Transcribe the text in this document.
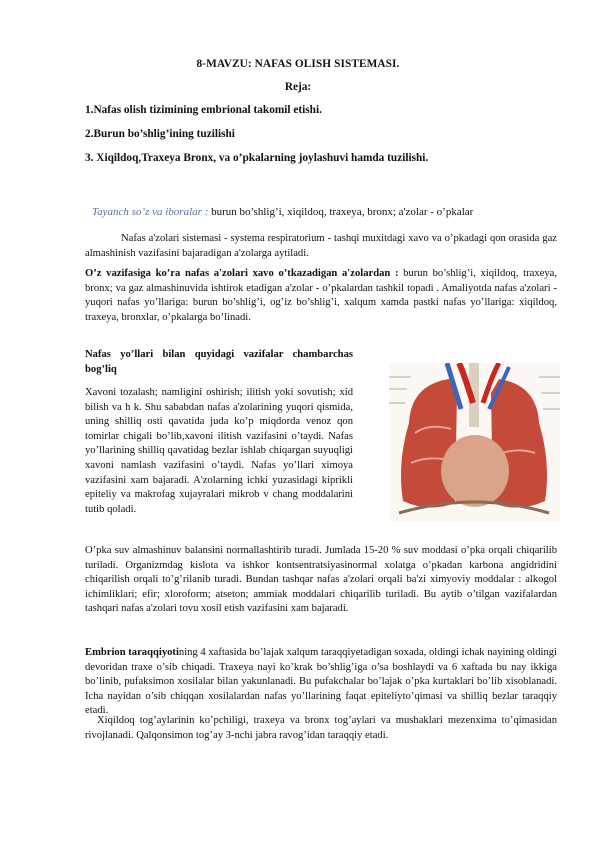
8-MAVZU: NAFAS OLISH SISTEMASI.
Reja:
1.Nafas olish tizimining embrional takomil etishi.
2.Burun bo’shlig’ining tuzilishi
3. Xiqildoq,Traxeya Bronx, va o’pkalarning joylashuvi hamda tuzilishi.
Tayanch so’z va iboralar : burun bo’shlig’i, xiqildoq, traxeya, bronx; a'zolar - o’pkalar

Nafas a'zolari sistemasi - systema respiratorium - tashqi muxitdagi xavo va o’pkadagi qon orasida gaz almashinish vazifasini bajaradigan a'zolarga aytiladi.

O’z vazifasiga ko’ra nafas a'zolari xavo o’tkazadigan a'zolardan : burun bo’shlig’i, xiqildoq, traxeya, bronx; va gaz almashinuvida ishtirok etadigan a'zolar - o’pkalardan tashkil topadi . Amaliyotda nafas a'zolari - yuqori nafas yo’llariga: burun bo’shlig’i, og’iz bo’shlig’i, xalqum xamda pastki nafas yo’llariga: xiqildoq, traxeya, bronxlar, o’pkalarga bo’linadi.

Nafas yo’llari bilan quyidagi vazifalar chambarchas bog’liq

Xavoni tozalash; namligini oshirish; ilitish yoki sovutish; xid bilish va h k. Shu sababdan nafas a'zolarining yuqori qismida, uning shilliq osti qavatida juda ko’p miqdorda venoz qon tomirlar chigali bo’lib,xavoni ilitish vazifasini o’taydi. Nafas yo’llarining shilliq qavatidag bezlar ishlab chiqargan suyuqligi xavoni namlash vazifasini o’taydi. Nafas yo’llari ximoya vazifasini xam bajaradi. A'zolarning ichki yuzasidagi kiprikli epiteliy va makrofag xujayralari mikrob v chang moddalarini tutib qoladi.

O’pka suv almashinuv balansini normallashtirib turadi. Jumlada 15-20 % suv moddasi o’pka orqali chiqarilib turiladi. Organizmdag kislota va ishkor kontsentratsiyasinormal xolatga o’pkadan karbona angidridini chiqarilish orqali to’g’rilanib turadi. Bundan tashqar nafas a'zolari orqali ba'zi ximyoviy moddalar : alkogol ichimliklari; efir; xloroform; atseton; ammiak moddalari chiqarilib turiladi. Bu aytib o’tilgan vazifalardan tashqari nafas a'zolari tovu xosil etish vazifasini xam bajaradi.

Embrion taraqqiyotining 4 xaftasida bo’lajak xalqum taraqqiyetadigan soxada, oldingi ichak nayining oldingi devoridan traxe o’sib chiqadi. Traxeya nayi ko’krak bo’shlig’iga o’sa boshlaydi va 6 xaftada bu nay ikkiga bo’linib, pufaksimon xosilalar bilan yakunlanadi. Bu pufakchalar bo’lajak o’pka kurtaklari bo’lib xisoblanadi. Icha nayidan o’sib chiqqan xosilalardan nafas yo’llarining faqat epiteliyto’qimasi va shilliq bezlar taraqqiy etadi.

Xiqildoq tog’aylarinin ko’pchiligi, traxeya va bronx tog’aylari va mushaklari mezenxima to’qimasidan rivojlanadi. Qalqonsimon tog’ay 3-nchi jabra ravog’idan taraqqiy etadi.
